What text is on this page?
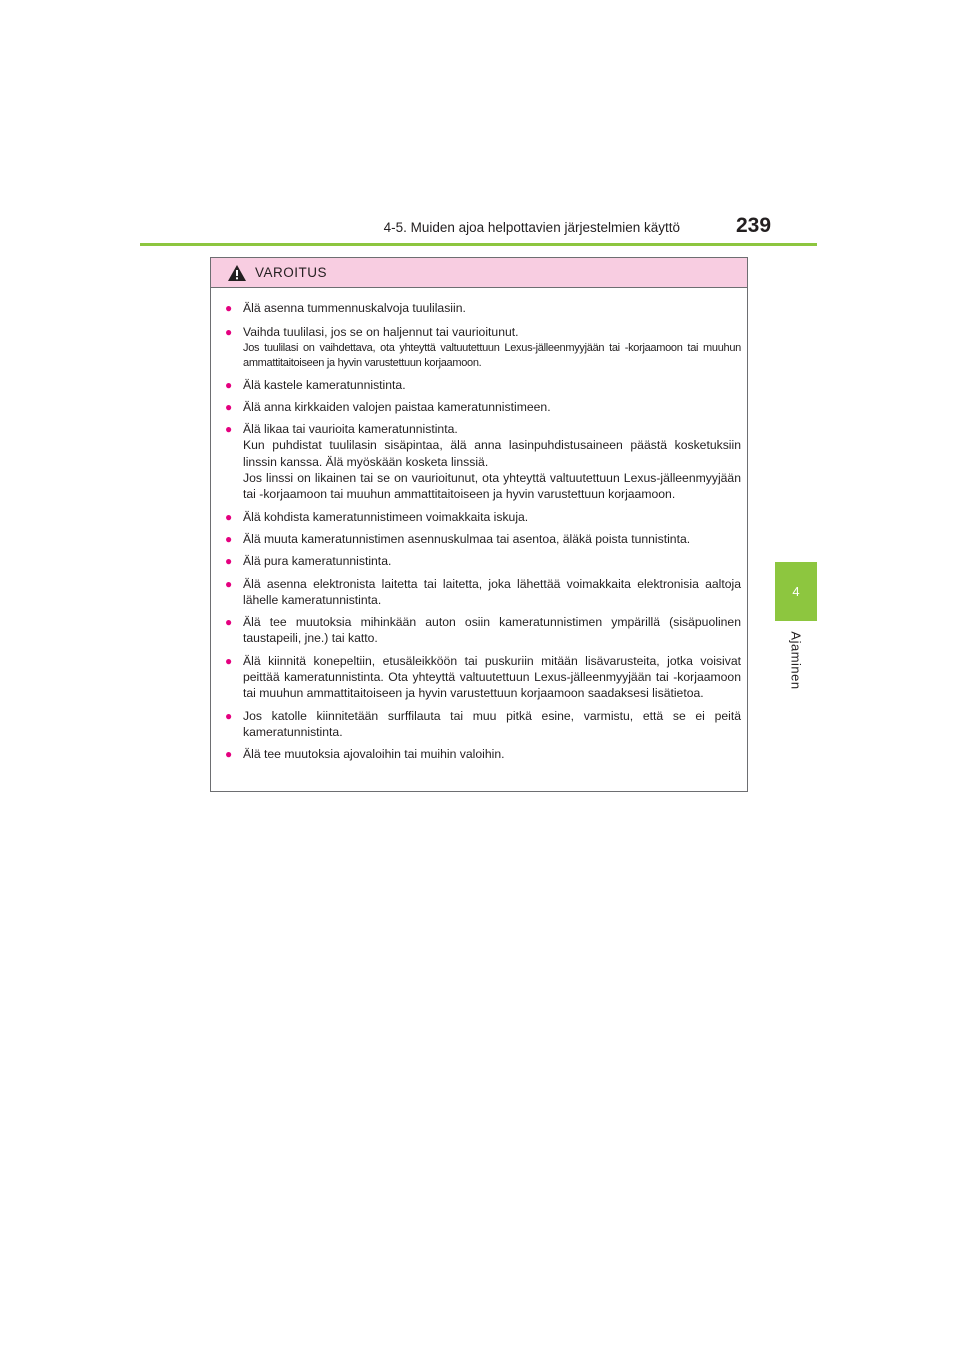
4-5. Muiden ajoa helpottavien järjestelmien käyttö	239
4
Ajaminen
VAROITUS
● Älä asenna tummennuskalvoja tuulilasiin.
● Vaihda tuulilasi, jos se on haljennut tai vaurioitunut.
Jos tuulilasi on vaihdettava, ota yhteyttä valtuutettuun Lexus-jälleenmyyjään tai -korjaamoon tai muuhun ammattitaitoiseen ja hyvin varustettuun korjaamoon.
● Älä kastele kameratunnistinta.
● Älä anna kirkkaiden valojen paistaa kameratunnistimeen.
● Älä likaa tai vaurioita kameratunnistinta.
Kun puhdistat tuulilasin sisäpintaa, älä anna lasinpuhdistusaineen päästä kosketuksiin linssin kanssa. Älä myöskään kosketa linssiä.
Jos linssi on likainen tai se on vaurioitunut, ota yhteyttä valtuutettuun Lexus-jälleenmyyjään tai -korjaamoon tai muuhun ammattitaitoiseen ja hyvin varustettuun korjaamoon.
● Älä kohdista kameratunnistimeen voimakkaita iskuja.
● Älä muuta kameratunnistimen asennuskulmaa tai asentoa, äläkä poista tunnistinta.
● Älä pura kameratunnistinta.
● Älä asenna elektronista laitetta tai laitetta, joka lähettää voimakkaita elektronisia aaltoja lähelle kameratunnistinta.
● Älä tee muutoksia mihinkään auton osiin kameratunnistimen ympärillä (sisäpuolinen taustapeili, jne.) tai katto.
● Älä kiinnitä konepeltiin, etusäleikköön tai puskuriin mitään lisävarusteita, jotka voisivat peittää kameratunnistinta. Ota yhteyttä valtuutettuun Lexus-jälleenmyyjään tai -korjaamoon tai muuhun ammattitaitoiseen ja hyvin varustettuun korjaamoon saadaksesi lisätietoa.
● Jos katolle kiinnitetään surffilauta tai muu pitkä esine, varmistu, että se ei peitä kameratunnistinta.
● Älä tee muutoksia ajovaloihin tai muihin valoihin.
